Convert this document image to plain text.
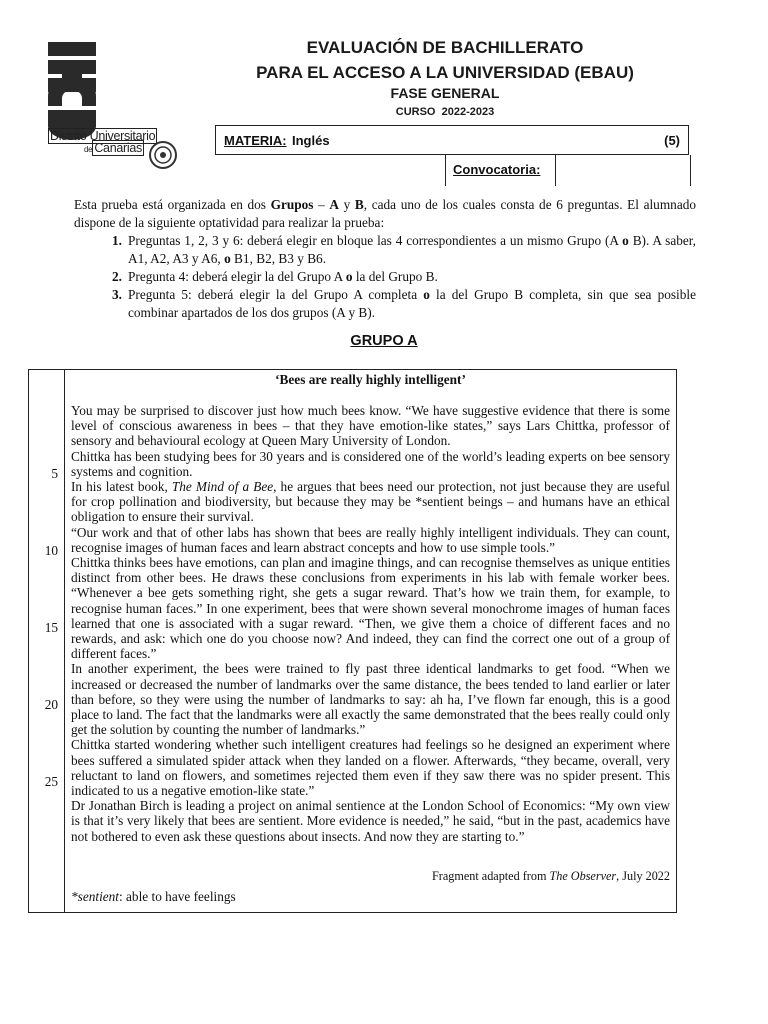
Distrito Universitario
de Canarias
EVALUACIÓN DE BACHILLERATO
PARA EL ACCESO A LA UNIVERSIDAD (EBAU)
FASE GENERAL
CURSO  2022-2023
MATERIA: Inglés	(5)
Convocatoria:
Esta prueba está organizada en dos Grupos – A y B, cada uno de los cuales consta de 6 preguntas. El alumnado dispone de la siguiente optatividad para realizar la prueba:
1. Preguntas 1, 2, 3 y 6: deberá elegir en bloque las 4 correspondientes a un mismo Grupo (A o B). A saber, A1, A2, A3 y A6, o B1, B2, B3 y B6.
2. Pregunta 4: deberá elegir la del Grupo A o la del Grupo B.
3. Pregunta 5: deberá elegir la del Grupo A completa o la del Grupo B completa, sin que sea posible combinar apartados de los dos grupos (A y B).
GRUPO A
5
10
15
20
25
‘Bees are really highly intelligent’

You may be surprised to discover just how much bees know. “We have suggestive evidence that there is some level of conscious awareness in bees – that they have emotion-like states,” says Lars Chittka, professor of sensory and behavioural ecology at Queen Mary University of London.

Chittka has been studying bees for 30 years and is considered one of the world’s leading experts on bee sensory systems and cognition.

In his latest book, The Mind of a Bee, he argues that bees need our protection, not just because they are useful for crop pollination and biodiversity, but because they may be *sentient beings – and humans have an ethical obligation to ensure their survival.

“Our work and that of other labs has shown that bees are really highly intelligent individuals. They can count, recognise images of human faces and learn abstract concepts and how to use simple tools.”

Chittka thinks bees have emotions, can plan and imagine things, and can recognise themselves as unique entities distinct from other bees. He draws these conclusions from experiments in his lab with female worker bees. “Whenever a bee gets something right, she gets a sugar reward. That’s how we train them, for example, to recognise human faces.” In one experiment, bees that were shown several monochrome images of human faces learned that one is associated with a sugar reward. “Then, we give them a choice of different faces and no rewards, and ask: which one do you choose now? And indeed, they can find the correct one out of a group of different faces.”

In another experiment, the bees were trained to fly past three identical landmarks to get food. “When we increased or decreased the number of landmarks over the same distance, the bees tended to land earlier or later than before, so they were using the number of landmarks to say: ah ha, I’ve flown far enough, this is a good place to land. The fact that the landmarks were all exactly the same demonstrated that the bees really could only get the solution by counting the number of landmarks.”

Chittka started wondering whether such intelligent creatures had feelings so he designed an experiment where bees suffered a simulated spider attack when they landed on a flower. Afterwards, “they became, overall, very reluctant to land on flowers, and sometimes rejected them even if they saw there was no spider present. This indicated to us a negative emotion-like state.”

Dr Jonathan Birch is leading a project on animal sentience at the London School of Economics: “My own view is that it’s very likely that bees are sentient. More evidence is needed,” he said, “but in the past, academics have not bothered to even ask these questions about insects. And now they are starting to.”

Fragment adapted from The Observer, July 2022
*sentient: able to have feelings
